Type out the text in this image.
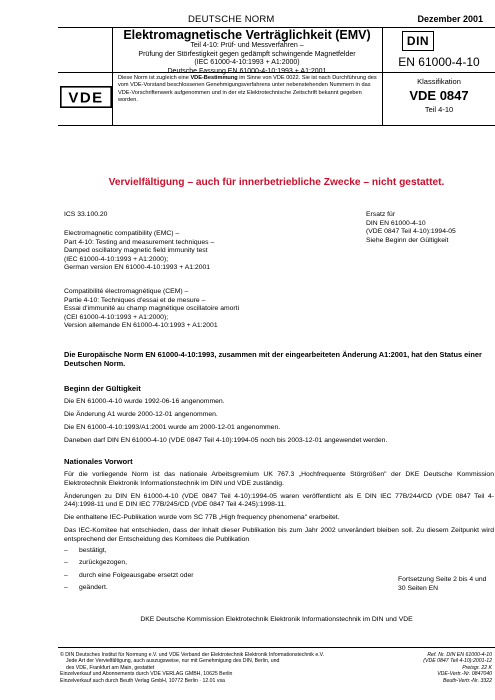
DEUTSCHE NORM	Dezember 2001
Elektromagnetische Verträglichkeit (EMV)
Teil 4-10: Prüf- und Messverfahren –
Prüfung der Störfestigkeit gegen gedämpft schwingende Magnetfelder
(IEC 61000-4-10:1993 + A1:2000)
Deutsche Fassung EN 61000-4-10:1993 + A1:2001
DIN
EN 61000-4-10
VDE
Diese Norm ist zugleich eine VDE-Bestimmung im Sinne von VDE 0022. Sie ist nach Durchführung des vom VDE-Vorstand beschlossenen Genehmigungsverfahrens unter nebenstehenden Nummern in das VDE-Vorschriftenwerk aufgenommen und in der etz Elektrotechnische Zeitschrift bekannt gegeben worden.
Klassifikation
VDE 0847
Teil 4-10
Vervielfältigung – auch für innerbetriebliche Zwecke – nicht gestattet.
ICS 33.100.20	Ersatz für
DIN EN 61000-4-10
(VDE 0847 Teil 4-10):1994-05
Siehe Beginn der Gültigkeit
Electromagnetic compatibility (EMC) –
Part 4-10: Testing and measurement techniques –
Damped oscillatory magnetic field immunity test
(IEC 61000-4-10:1993 + A1:2000);
German version EN 61000-4-10:1993 + A1:2001
Compatibilité électromagnétique (CEM) –
Partie 4-10: Techniques d'essai et de mesure –
Essai d'immunité au champ magnétique oscillatoire amorti
(CEI 61000-4-10:1993 + A1:2000);
Version allemande EN 61000-4-10:1993 + A1:2001
Die Europäische Norm EN 61000-4-10:1993, zusammen mit der eingearbeiteten Änderung A1:2001, hat den Status einer Deutschen Norm.
Beginn der Gültigkeit
Die EN 61000-4-10 wurde 1992-06-16 angenommen.
Die Änderung A1 wurde 2000-12-01 angenommen.
Die EN 61000-4-10:1993/A1:2001 wurde am 2000-12-01 angenommen.
Daneben darf DIN EN 61000-4-10 (VDE 0847 Teil 4-10):1994-05 noch bis 2003-12-01 angewendet werden.
Nationales Vorwort

Für die vorliegende Norm ist das nationale Arbeitsgremium UK 767.3 „Hochfrequente Störgrößen" der DKE Deutsche Kommission Elektrotechnik Elektronik Informationstechnik im DIN und VDE zuständig.

Änderungen zu DIN EN 61000-4-10 (VDE 0847 Teil 4-10):1994-05 waren veröffentlicht als E DIN IEC 77B/244/CD (VDE 0847 Teil 4-244):1998-11 und E DIN IEC 77B/245/CD (VDE 0847 Teil 4-245):1998-11.

Die enthaltene IEC-Publikation wurde vom SC 77B „High frequency phenomena" erarbeitet.

Das IEC-Komitee hat entschieden, dass der Inhalt dieser Publikation bis zum Jahr 2002 unverändert bleiben soll. Zu diesem Zeitpunkt wird entsprechend der Entscheidung des Komitees die Publikation

– bestätigt,
– zurückgezogen,
– durch eine Folgeausgabe ersetzt oder
– geändert.
Fortsetzung Seite 2 bis 4 und 30 Seiten EN
DKE Deutsche Kommission Elektrotechnik Elektronik Informationstechnik im DIN und VDE
© DIN Deutsches Institut für Normung e.V. und VDE Verband der Elektrotechnik Elektronik Informationstechnik e.V.
Jede Art der Vervielfältigung, auch auszugsweise, nur mit Genehmigung des DIN, Berlin, und
des VDE, Frankfurt am Main, gestattet
Einzelverkauf und Abonnements durch VDE VERLAG GMBH, 10625 Berlin
Einzelverkauf auch durch Beuth Verlag GmbH, 10772 Berlin · 12.01 vsa
Ref. Nr. DIN EN 61000-4-10
(VDE 0847 Teil 4-10):2001-12
Preisgr. 22 K
VDE-Vertr.-Nr. 0847040
Beuth-Vertr.-Nr. 3322
